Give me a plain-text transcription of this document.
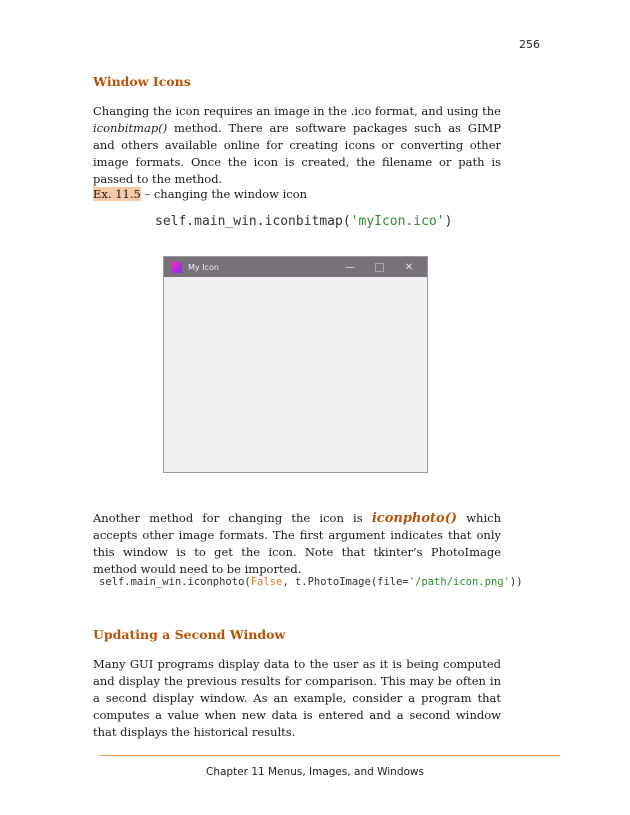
256
Window Icons

Changing the icon requires an image in the .ico format, and using the iconbitmap() method. There are software packages such as GIMP and others available online for creating icons or converting other image formats. Once the icon is created, the filename or path is passed to the method.

Ex. 11.5 – changing the window icon

self.main_win.iconbitmap('myIcon.ico')

My Icon	—	✕

Another method for changing the icon is iconphoto() which accepts other image formats. The first argument indicates that only this window is to get the icon. Note that tkinter’s PhotoImage method would need to be imported.

self.main_win.iconphoto(False, t.PhotoImage(file='/path/icon.png'))

Updating a Second Window

Many GUI programs display data to the user as it is being computed and display the previous results for comparison. This may be often in a second display window. As an example, consider a program that computes a value when new data is entered and a second window that displays the historical results.

Chapter 11 Menus, Images, and Windows
